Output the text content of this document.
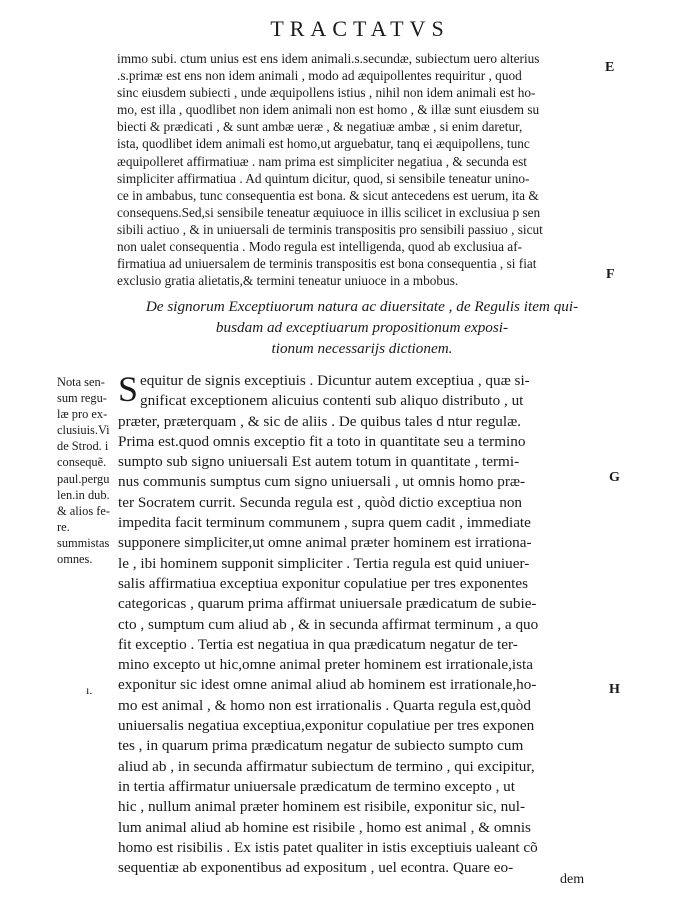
TRACTATVS
immo subi. ctum unius est ens idem animali.s.secundæ, subiectum uero alterius
.s.primæ est ens non idem animali , modo ad æquipollentes requiritur , quod
sinc eiusdem subiecti , unde æquipollens istius , nihil non idem animali est ho-
mo, est illa , quodlibet non idem animali non est homo , & illæ sunt eiusdem su
biecti & prædicati , & sunt ambæ ueræ , & negatiuæ ambæ , si enim daretur,
ista, quodlibet idem animali est homo,ut arguebatur, tanq ei æquipollens, tunc
æquipolleret affirmatiuæ . nam prima est simpliciter negatiua , & secunda est
simpliciter affirmatiua . Ad quintum dicitur, quod, si sensibile teneatur unino-
ce in ambabus, tunc consequentia est bona. & sicut antecedens est uerum, ita &
consequens.Sed,si sensibile teneatur æquiuoce in illis scilicet in exclusiua p sen
sibili actiuo , & in uniuersali de terminis transpositis pro sensibili passiuo , sicut
non ualet consequentia . Modo regula est intelligenda, quod ab exclusiua af-
firmatiua ad uniuersalem de terminis transpositis est bona consequentia , si fiat
exclusio gratia alietatis,& termini teneatur uniuoce in a mbobus.
E
F
De signorum Exceptiuorum natura ac diuersitate , de Regulis item qui-
busdam ad exceptiuarum propositionum exposi-
tionum necessarijs dictionem.
Nota sen-
sum regu-
læ pro ex-
clusiuis.Vi
de Strod. i
consequẽ.
paul.pergu
len.in dub.
& alios fe-
re.
summistas
omnes.
S equitur de signis exceptiuis . Dicuntur autem exceptiua , quæ si-
gnificat exceptionem alicuius contenti sub aliquo distributo , ut
præter, præterquam , & sic de aliis . De quibus tales d ntur regulæ.
Prima est.quod omnis exceptio fit a toto in quantitate seu a termino
sumpto sub signo uniuersali Est autem totum in quantitate , termi-
nus communis sumptus cum signo uniuersali , ut omnis homo præ-
ter Socratem currit. Secunda regula est , quòd dictio exceptiua non
impedita facit terminum communem , supra quem cadit , immediate
supponere simpliciter,ut omne animal præter hominem est irrationa-
le , ibi hominem supponit simpliciter . Tertia regula est quid uniuer-
salis affirmatiua exceptiua exponitur copulatiue per tres exponentes
categoricas , quarum prima affirmat uniuersale prædicatum de subie-
cto , sumptum cum aliud ab , & in secunda affirmat terminum , a quo
fit exceptio . Tertia est negatiua in qua prædicatum negatur de ter-
mino excepto ut hic,omne animal preter hominem est irrationale,ista
exponitur sic idest omne animal aliud ab hominem est irrationale,ho-
mo est animal , & homo non est irrationalis . Quarta regula est,quòd
uniuersalis negatiua exceptiua,exponitur copulatiue per tres exponen
tes , in quarum prima prædicatum negatur de subiecto sumpto cum
aliud ab , in secunda affirmatur subiectum de termino , qui excipitur,
in tertia affirmatur uniuersale prædicatum de termino excepto , ut
hic , nullum animal præter hominem est risibile, exponitur sic, nul-
lum animal aliud ab homine est risibile , homo est animal , & omnis
homo est risibilis . Ex istis patet qualiter in istis exceptiuis ualeant cõ
sequentiæ ab exponentibus ad expositum , uel econtra. Quare eo-
G
H
ı.
dem
